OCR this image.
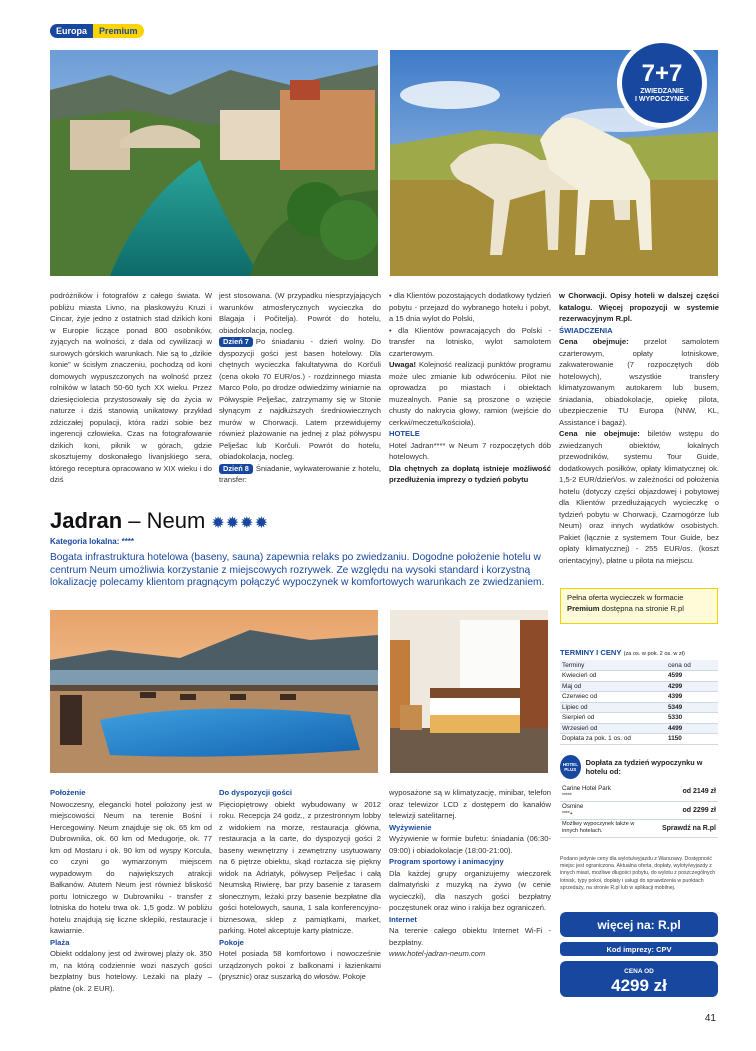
Europa	Premium
7+7
ZWIEDZANIE
I WYPOCZYNEK

podróżników i fotografów z całego świata. W pobliżu miasta Livno, na płaskowyżu Kruzi i Cincar, żyje jedno z ostatnich stad dzikich koni w Europie liczące ponad 800 osobników, żyjących na wolności, z dala od cywilizacji w surowych górskich warunkach. Nie są to „dzikie konie” w ścisłym znaczeniu, pochodzą od koni domowych wypuszczonych na wolność przez rolników w latach 50-60 tych XX wieku. Przez dziesięciolecia przystosowały się do życia w naturze i dziś stanowią unikatowy przykład zdziczałej populacji, która radzi sobie bez ingerencji człowieka. Czas na fotografowanie dzikich koni, piknik w górach, gdzie skosztujemy doskonałego livanjskiego sera, którego receptura opracowano w XIX wieku i do dziś

jest stosowana. (W przypadku niesprzyjających warunków atmosferycznych wycieczka do Blagaja i Počitelja). Powrót do hotelu, obiadokolacja, nocleg.

Dzień 7 Po śniadaniu - dzień wolny. Do dyspozycji gości jest basen hotelowy. Dla chętnych wycieczka fakultatywna do Korčuli (cena około 70 EUR/os.) - rozdzinnego miasta Marco Polo, po drodze odwiedzimy winiarnie na Półwyspie Pelješac, zatrzymamy się w Stonie słynącym z najdłuższych średniowiecznych murów w Chorwacji. Latem przewidujemy również plażowanie na jednej z plaż półwyspu Pelješac lub Korčuli. Powrót do hotelu, obiadokolacja, nocleg.

Dzień 8 Śniadanie, wykwaterowanie z hotelu, transfer:

• dla Klientów pozostających dodatkowy tydzień pobytu - przejazd do wybranego hotelu i pobyt, a 15 dnia wylot do Polski,

• dla Klientów powracających do Polski - transfer na lotnisko, wylot samolotem czarterowym.

Uwaga! Kolejność realizacji punktów programu może ulec zmianie lub odwróceniu. Pilot nie oprowadza po miastach i obiektach muzealnych. Panie są proszone o wzięcie chusty do nakrycia głowy, ramion (wejście do cerkwi/meczetu/kościoła).

HOTELE

Hotel Jadran**** w Neum 7 rozpoczętych dób hotelowych.

Dla chętnych za dopłatą istnieje możliwość przedłużenia imprezy o tydzień pobytu

w Chorwacji. Opisy hoteli w dalszej części katalogu. Więcej propozycji w systemie rezerwacyjnym R.pl.

ŚWIADCZENIA

Cena obejmuje: przelot samolotem czarterowym, opłaty lotniskowe, zakwaterowanie (7 rozpoczętych dób hotelowych), wszystkie transfery klimatyzowanym autokarem lub busem, śniadania, obiadokolacje, opiekę pilota, ubezpieczenie TU Europa (NNW, KL, Assistance i bagaż).

Cena nie obejmuje: biletów wstępu do zwiedzanych obiektów, lokalnych przewodników, systemu Tour Guide, dodatkowych posiłków, opłaty klimatycznej ok. 1,5-2 EUR/dzień/os. w zależności od położenia hotelu (dotyczy części objazdowej i pobytowej dla Klientów przedłużających wycieczkę o tydzień pobytu w Chorwacji, Czarnogórze lub Neum) oraz innych wydatków osobistych. Pakiet (łącznie z systemem Tour Guide, bez opłaty klimatycznej) - 255 EUR/os. (koszt orientacyjny), płatne u pilota na miejscu.

Jadran
–
Neum ✹✹✹✹
Kategoria lokalna: ****
Bogata infrastruktura hotelowa (baseny, sauna) zapewnia relaks po zwiedzaniu. Dogodne położenie hotelu w centrum Neum umożliwia korzystanie z miejscowych rozrywek. Ze względu na wysoki standard i korzystną lokalizację polecamy klientom pragnącym połączyć wypoczynek w komfortowych warunkach ze zwiedzaniem.
Pełna oferta wycieczek w formacie
Premium dostępna na stronie R.pl

Położenie

Nowoczesny, elegancki hotel położony jest w miejscowości Neum na terenie Bośni i Hercegowiny. Neum znajduje się ok. 65 km od Dubrownika, ok. 60 km od Medugorje, ok. 77 km od Mostaru i ok. 90 km od wyspy Korcula, co czyni go wymarzonym miejscem wypadowym do największych atrakcji Bałkanów. Atutem Neum jest również bliskość portu lotniczego w Dubrowniku - transfer z lotniska do hotelu trwa ok. 1,5 godz. W pobliżu hotelu znajdują się liczne sklepiki, restauracje i kawiarnie.

Plaża

Obiekt oddalony jest od żwirowej plaży ok. 350 m, na którą codziennie wozi naszych gości bezpłatny bus hotelowy. Leżaki na plaży – płatne (ok. 2 EUR).

Do dyspozycji gości

Pięciopiętrowy obiekt wybudowany w 2012 roku. Recepcja 24 godz., z przestronnym lobby z widokiem na morze, restauracja główna, restauracja a la carte, do dyspozycji gości 2 baseny wewnętrzny i zewnętrzny usytuowany na 6 piętrze obiektu, skąd roztacza się piękny widok na Adriatyk, półwysep Pelješac i całą Neumską Riwierę, bar przy basenie z tarasem słonecznym, leżaki przy basenie bezpłatne dla gości hotelowych, sauna, 1 sala konferencyjno-biznesowa, sklep z pamiątkami, market, parking. Hotel akceptuje karty płatnicze.

Pokoje

Hotel posiada 58 komfortowo i nowocześnie urządzonych pokoi z balkonami i łazienkami (prysznic) oraz suszarką do włosów. Pokoje

wyposażone są w klimatyzację, minibar, telefon oraz telewizor LCD z dostępem do kanałów telewizji satelitarnej.

Wyżywienie

Wyżywienie w formie bufetu: śniadania (06:30-09:00) i obiadokolacje (18:00-21:00).

Program sportowy i animacyjny

Dla każdej grupy organizujemy wieczorek dalmatyński z muzyką na żywo (w cenie wycieczki), dla naszych gości bezpłatny poczęstunek oraz wino i rakija bez ograniczeń.

Internet

Na terenie całego obiektu Internet Wi-Fi - bezpłatny.

www.hotel-jadran-neum.com

TERMINY I CENY (za os. w pok. 2 os. w zł)
Terminy	cena od
Kwiecień od	4599
Maj od	4299
Czerwiec od	4399
Lipiec od	5349
Sierpień od	5330
Wrzesień od	4499
Dopłata za pok. 1 os. od	1150
HOTEL
PLUS
Dopłata za tydzień wypoczynku w hotelu od:
Carine Hotel Park
*****	od 2149 zł
Osmine
****+	od 2299 zł
Możliwy wypoczynek także w innych hotelach.	Sprawdź na R.pl
Podano jedynie ceny dla wylotu/wyjazdu z Warszawy. Dostępność miejsc jest ograniczona. Aktualna oferta, dopłaty, wyloty/wyjazdy z innych miast, możliwe długości pobytu, do wylotu z poszczególnych lotnisk, typy pokoi, dopłaty i usługi do sprawdzenia w punktach sprzedaży, na stronie R.pl lub w aplikacji mobilnej.
więcej na: R.pl
Kod imprezy: CPV
CENA OD
4299 zł
41
